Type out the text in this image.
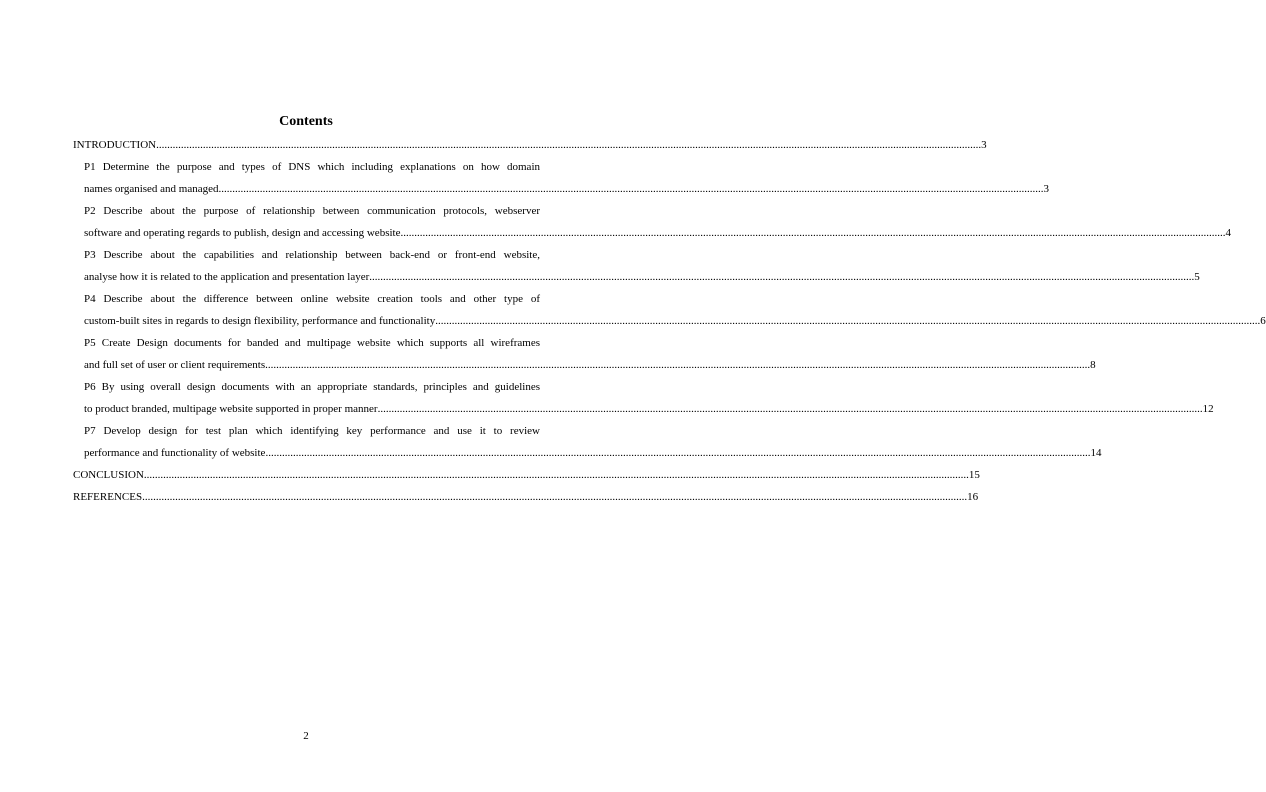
Contents
INTRODUCTION ............................................................................................................................................................................................................................................................................................................ 3
P1 Determine the purpose and types of DNS which including explanations on how domain
names organised and managed ............................................................................................................................................................................................................................................................................................................ 3
P2 Describe about the purpose of relationship between communication protocols, webserver
software and operating regards to publish, design and accessing website ............................................................................................................................................................................................................................................................................................................ 4
P3 Describe about the capabilities and relationship between back-end or front-end website,
analyse how it is related to the application and presentation layer ............................................................................................................................................................................................................................................................................................................ 5
P4 Describe about the difference between online website creation tools and other type of
custom-built sites in regards to design flexibility, performance and functionality ............................................................................................................................................................................................................................................................................................................ 6
P5 Create Design documents for banded and multipage website which supports all wireframes
and full set of user or client requirements ............................................................................................................................................................................................................................................................................................................ 8
P6 By using overall design documents with an appropriate standards, principles and guidelines
to product branded, multipage website supported in proper manner ............................................................................................................................................................................................................................................................................................................ 12
P7 Develop design for test plan which identifying key performance and use it to review
performance and functionality of website ............................................................................................................................................................................................................................................................................................................ 14
CONCLUSION ............................................................................................................................................................................................................................................................................................................ 15
REFERENCES ............................................................................................................................................................................................................................................................................................................ 16
2
